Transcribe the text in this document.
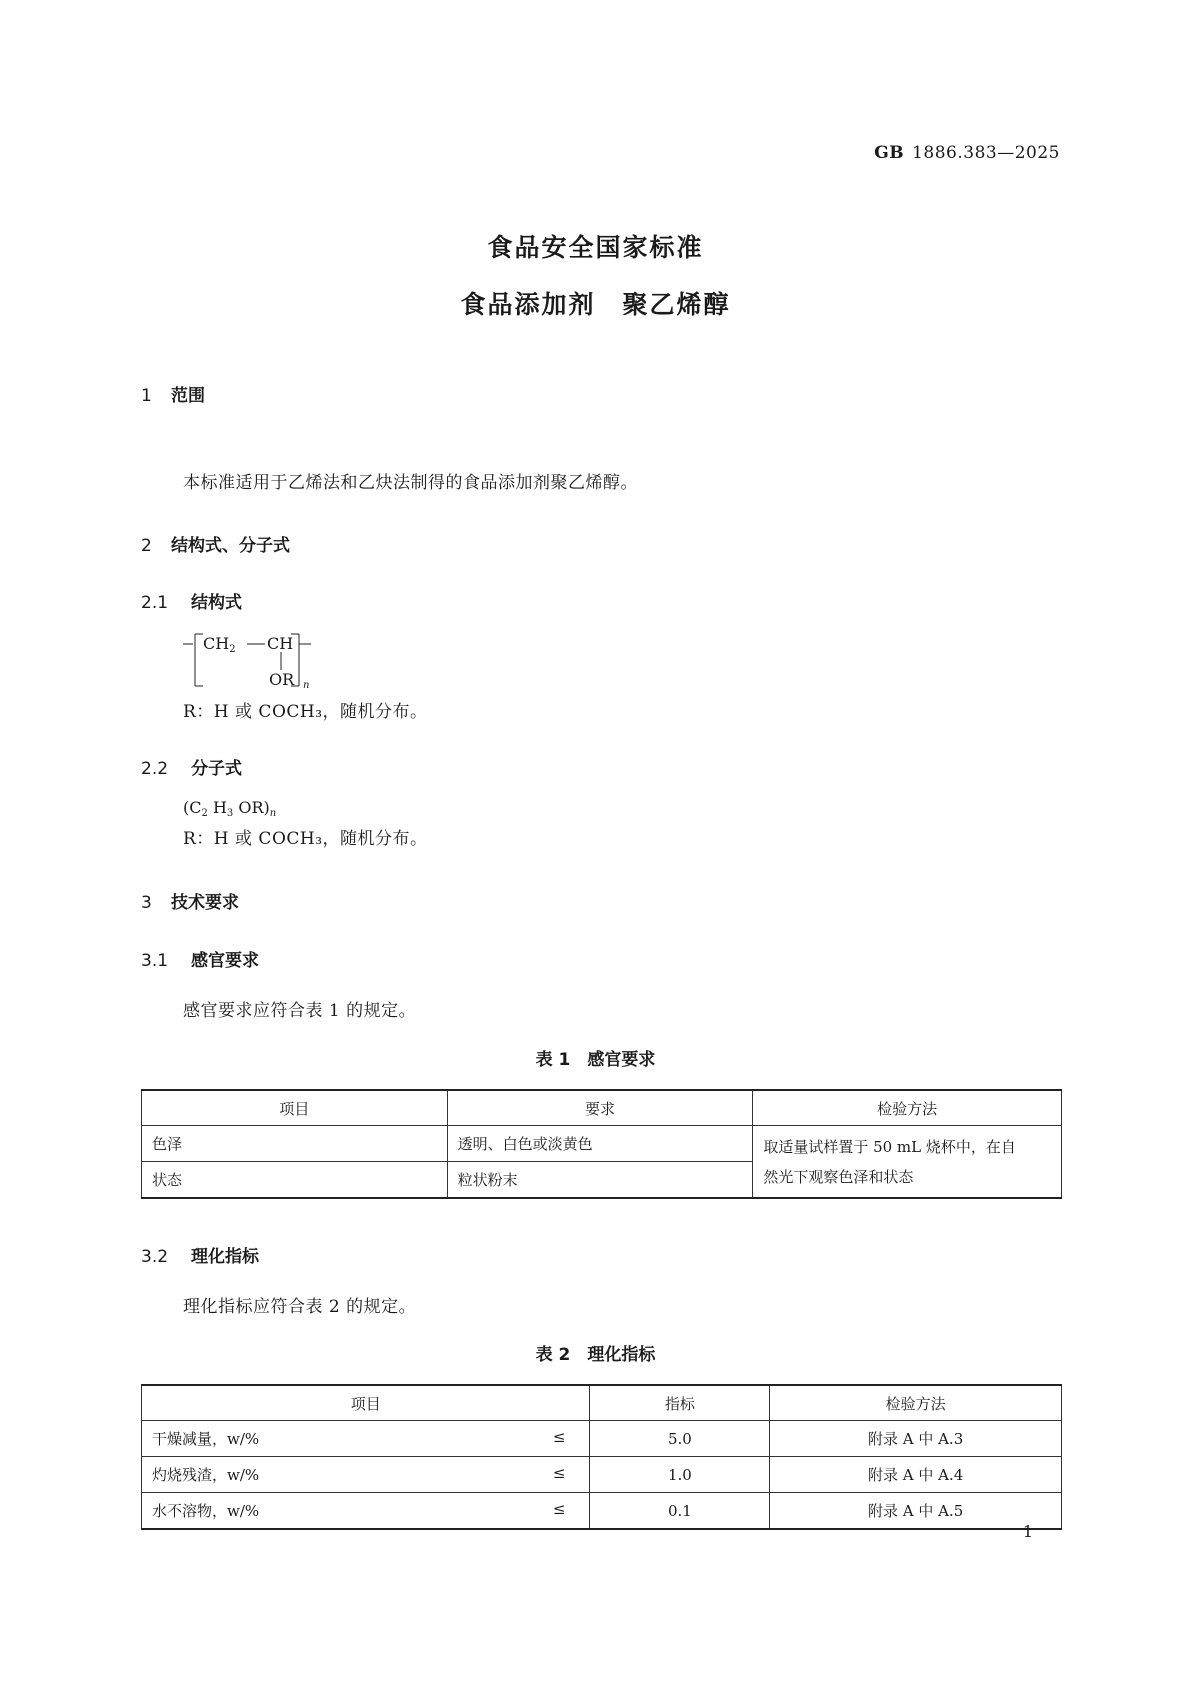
GB 1886.383—2025
食品安全国家标准
食品添加剂　聚乙烯醇
1 范围
本标准适用于乙烯法和乙炔法制得的食品添加剂聚乙烯醇。
2 结构式、分子式
2.1 结构式
$CH_2$ CH
OR n
R：H 或 COCH₃，随机分布。
2.2 分子式
($C_2$ $H_3$ $OR)_n$
R：H 或 COCH₃，随机分布。
3 技术要求
3.1 感官要求
感官要求应符合表 1 的规定。
表 1　感官要求
项目	要求	检验方法
色泽	透明、白色或淡黄色	取适量试样置于 50 mL 烧杯中，在自
然光下观察色泽和状态

状态	粒状粉末	
3.2 理化指标
理化指标应符合表 2 的规定。
表 2　理化指标
项目	指标	检验方法
干燥减量，w/% ≤	5.0	附录 A 中 A.3
灼烧残渣，w/% ≤	1.0	附录 A 中 A.4
水不溶物，w/% ≤	0.1	附录 A 中 A.5
1
